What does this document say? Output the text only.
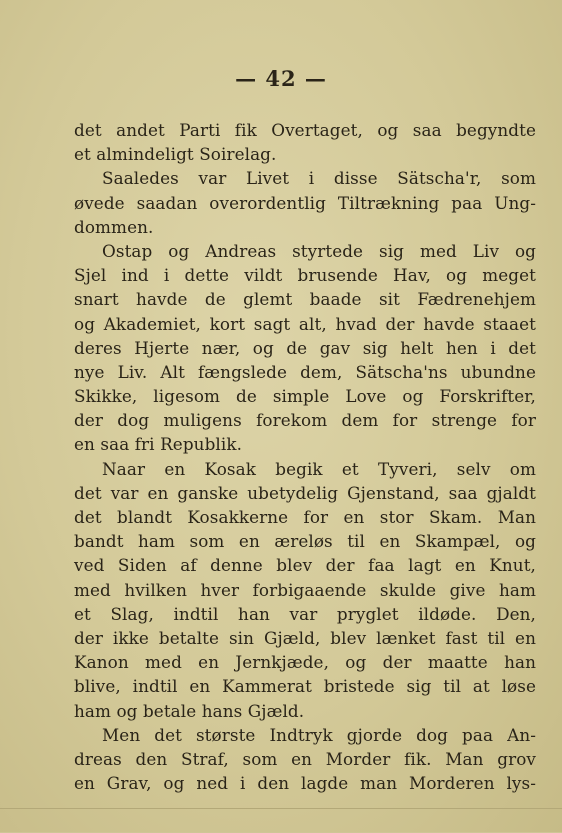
— 42 —
det andet Parti fik Overtaget, og saa begyndte
et almindeligt Soirelag.
Saaledes var Livet i disse Sätscha'r, som
øvede saadan overordentlig Tiltrækning paa Ung-
dommen.
Ostap og Andreas styrtede sig med Liv og
Sjel ind i dette vildt brusende Hav, og meget
snart havde de glemt baade sit Fædrenehjem
og Akademiet, kort sagt alt, hvad der havde staaet
deres Hjerte nær, og de gav sig helt hen i det
nye Liv. Alt fængslede dem, Sätscha'ns ubundne
Skikke, ligesom de simple Love og Forskrifter,
der dog muligens forekom dem for strenge for
en saa fri Republik.
Naar en Kosak begik et Tyveri, selv om
det var en ganske ubetydelig Gjenstand, saa gjaldt
det blandt Kosakkerne for en stor Skam. Man
bandt ham som en æreløs til en Skampæl, og
ved Siden af denne blev der faa lagt en Knut,
med hvilken hver forbigaaende skulde give ham
et Slag, indtil han var pryglet ildøde. Den,
der ikke betalte sin Gjæld, blev lænket fast til en
Kanon med en Jernkjæde, og der maatte han
blive, indtil en Kammerat bristede sig til at løse
ham og betale hans Gjæld.
Men det største Indtryk gjorde dog paa An-
dreas den Straf, som en Morder fik. Man grov
en Grav, og ned i den lagde man Morderen lys-
